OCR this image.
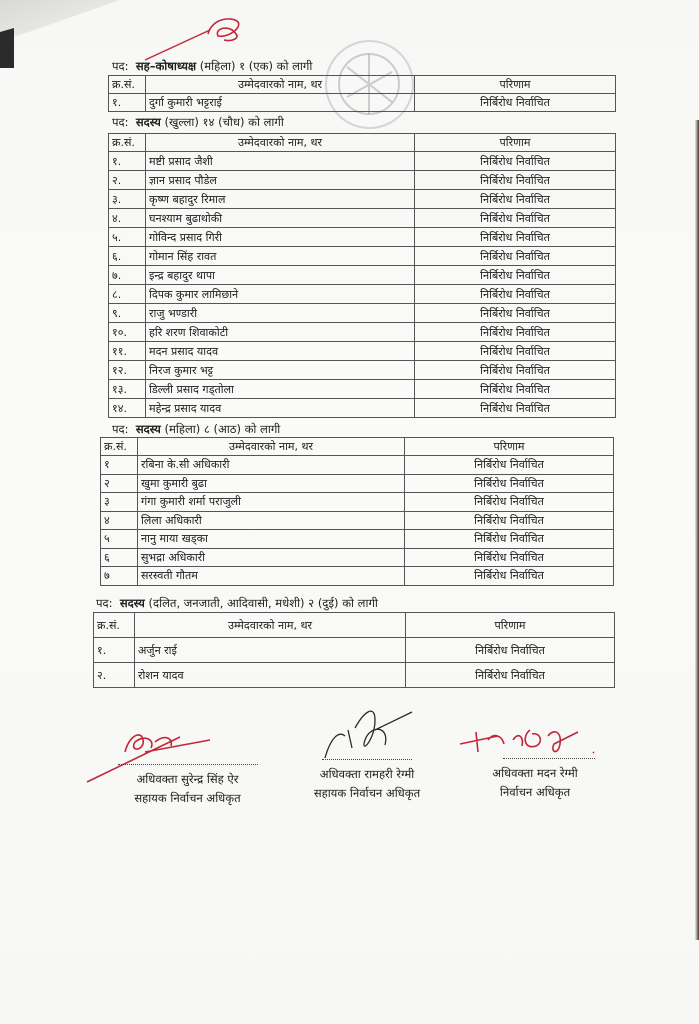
पद: सह–कोषाध्यक्ष (महिला) १ (एक) को लागी
क्र.सं.	उम्मेदवारको नाम, थर	परिणाम
१.	दुर्गा कुमारी भट्टराई	निर्बिरोध निर्वाचित
पद: सदस्य (खुल्ला) १४ (चौध) को लागी
क्र.सं.	उम्मेदवारको नाम, थर	परिणाम
१.	मष्टी प्रसाद जैशी	निर्बिरोध निर्वाचित
२.	ज्ञान प्रसाद पौडेल	निर्बिरोध निर्वाचित
३.	कृष्ण बहादुर रिमाल	निर्बिरोध निर्वाचित
४.	घनश्याम बुढाथोकी	निर्बिरोध निर्वाचित
५.	गोविन्द प्रसाद गिरी	निर्बिरोध निर्वाचित
६.	गोमान सिंह रावत	निर्बिरोध निर्वाचित
७.	इन्द्र बहादुर थापा	निर्बिरोध निर्वाचित
८.	दिपक कुमार लामिछाने	निर्बिरोध निर्वाचित
९.	राजु भण्डारी	निर्बिरोध निर्वाचित
१०.	हरि शरण शिवाकोटी	निर्बिरोध निर्वाचित
११.	मदन प्रसाद यादव	निर्बिरोध निर्वाचित
१२.	निरज कुमार भट्ट	निर्बिरोध निर्वाचित
१३.	डिल्ली प्रसाद गड्तोला	निर्बिरोध निर्वाचित
१४.	महेन्द्र प्रसाद यादव	निर्बिरोध निर्वाचित
पद: सदस्य (महिला) ८ (आठ) को लागी
क्र.सं.	उम्मेदवारको नाम, थर	परिणाम
१	रबिना के.सी अधिकारी	निर्बिरोध निर्वाचित
२	खुमा कुमारी बुढा	निर्बिरोध निर्वाचित
३	गंगा कुमारी शर्मा पराजुली	निर्बिरोध निर्वाचित
४	लिला अधिकारी	निर्बिरोध निर्वाचित
५	नानु माया खड्का	निर्बिरोध निर्वाचित
६	सुभद्रा अधिकारी	निर्बिरोध निर्वाचित
७	सरस्वती गौतम	निर्बिरोध निर्वाचित
पद: सदस्य (दलित, जनजाती, आदिवासी, मधेशी) २ (दुई) को लागी
क्र.सं.	उम्मेदवारको नाम, थर	परिणाम
१.	अर्जुन राई	निर्बिरोध निर्वाचित
२.	रोशन यादव	निर्बिरोध निर्वाचित
अधिवक्ता सुरेन्द्र सिंह ऐर
सहायक निर्वाचन अधिकृत
अधिवक्ता रामहरी रेग्मी
सहायक निर्वाचन अधिकृत
अधिवक्ता मदन रेग्मी
निर्वाचन अधिकृत
